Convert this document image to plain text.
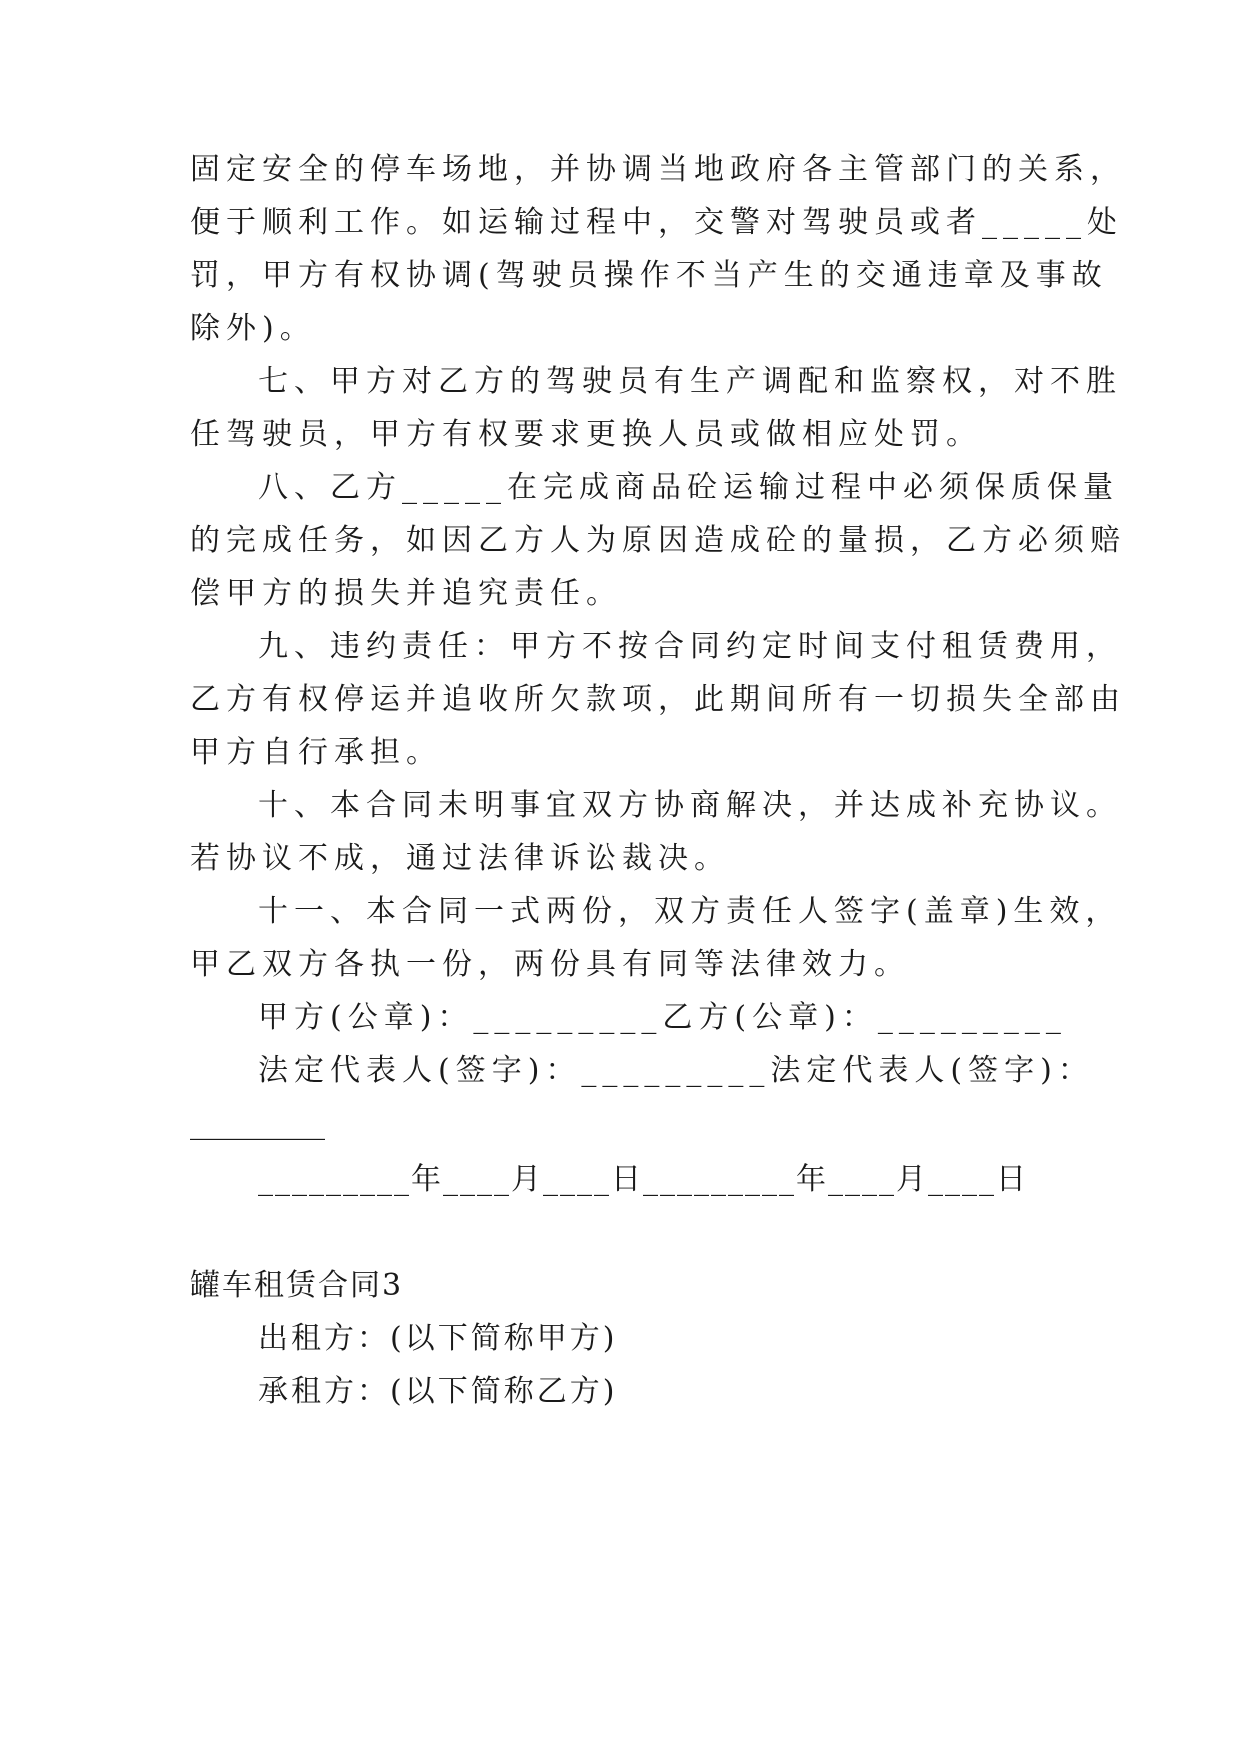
固定安全的停车场地，并协调当地政府各主管部门的关系，
便于顺利工作。如运输过程中，交警对驾驶员或者_____处
罚，甲方有权协调(驾驶员操作不当产生的交通违章及事故
除外)。
七、甲方对乙方的驾驶员有生产调配和监察权，对不胜
任驾驶员，甲方有权要求更换人员或做相应处罚。
八、乙方_____在完成商品砼运输过程中必须保质保量
的完成任务，如因乙方人为原因造成砼的量损，乙方必须赔
偿甲方的损失并追究责任。
九、违约责任：甲方不按合同约定时间支付租赁费用，
乙方有权停运并追收所欠款项，此期间所有一切损失全部由
甲方自行承担。
十、本合同未明事宜双方协商解决，并达成补充协议。
若协议不成，通过法律诉讼裁决。
十一、本合同一式两份，双方责任人签字(盖章)生效，
甲乙双方各执一份，两份具有同等法律效力。
甲方(公章)：_________乙方(公章)：_________
法定代表人(签字)：_________法定代表人(签字)：
_________
_________年____月____日_________年____月____日
罐车租赁合同3
出租方：(以下简称甲方)
承租方：(以下简称乙方)
